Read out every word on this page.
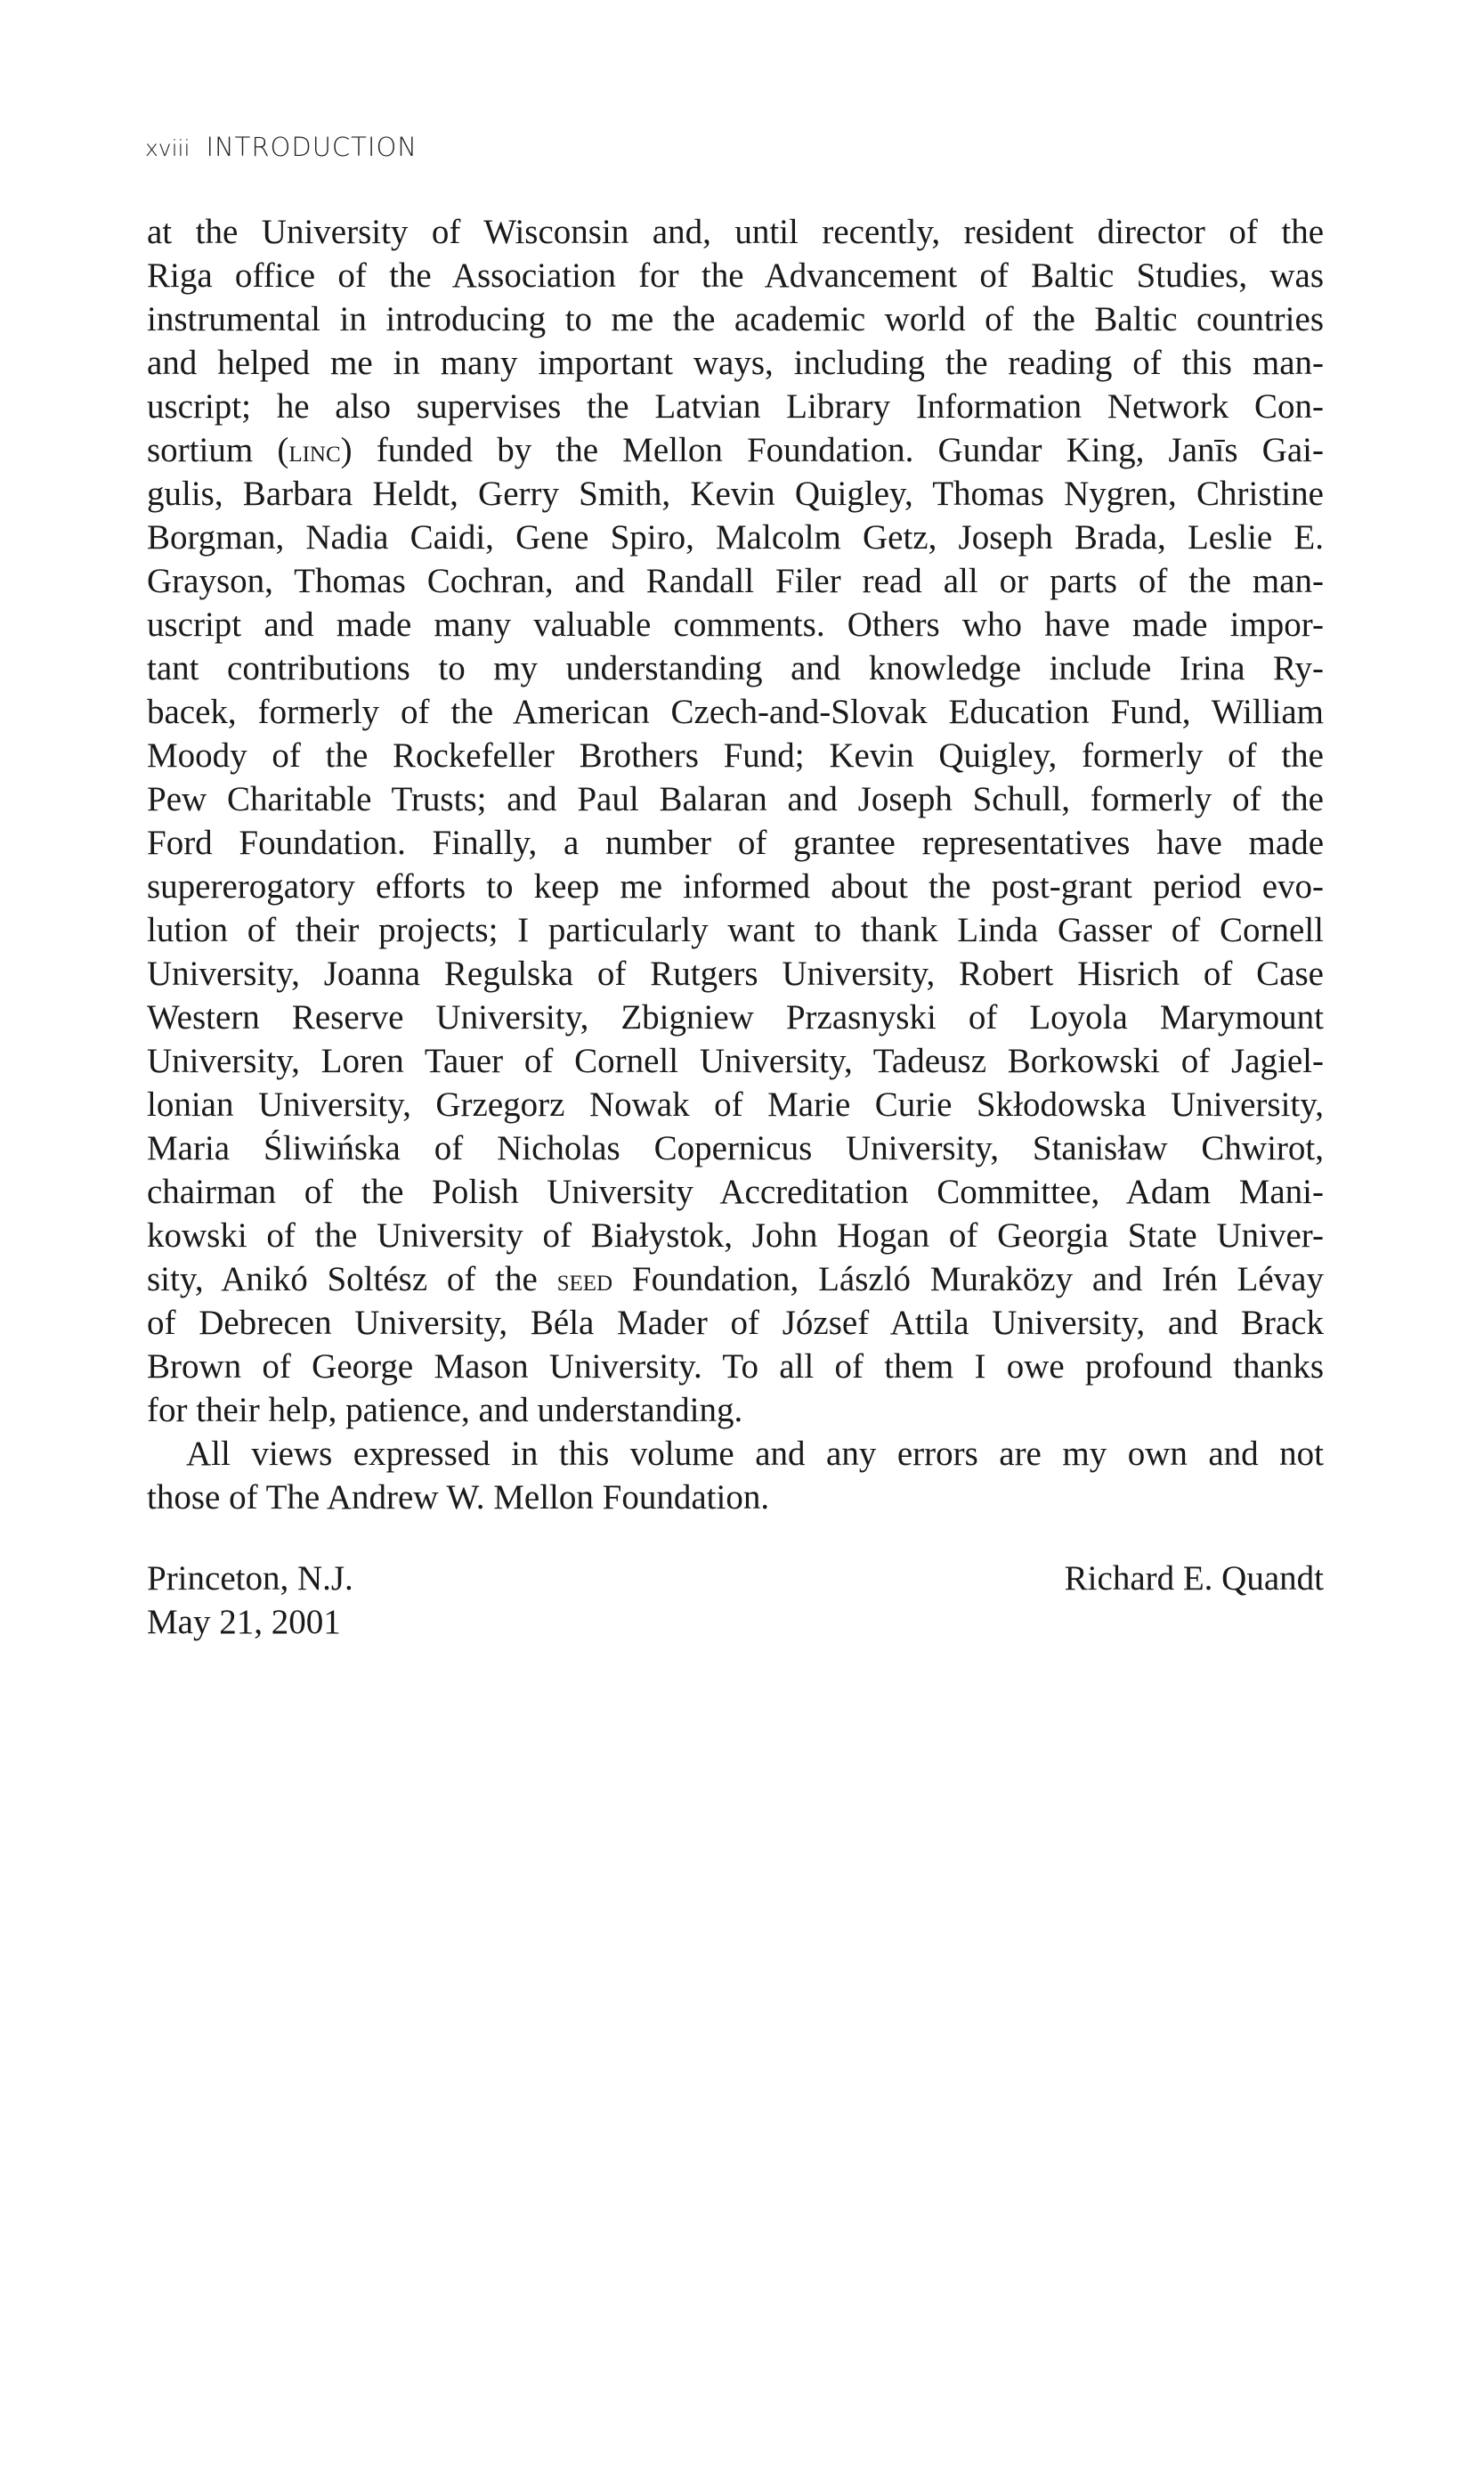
xviii INTRODUCTION
at the University of Wisconsin and, until recently, resident director of the
Riga office of the Association for the Advancement of Baltic Studies, was
instrumental in introducing to me the academic world of the Baltic countries
and helped me in many important ways, including the reading of this man-
uscript; he also supervises the Latvian Library Information Network Con-
sortium (linc) funded by the Mellon Foundation. Gundar King, Janīs Gai-
gulis, Barbara Heldt, Gerry Smith, Kevin Quigley, Thomas Nygren, Christine
Borgman, Nadia Caidi, Gene Spiro, Malcolm Getz, Joseph Brada, Leslie E.
Grayson, Thomas Cochran, and Randall Filer read all or parts of the man-
uscript and made many valuable comments. Others who have made impor-
tant contributions to my understanding and knowledge include Irina Ry-
bacek, formerly of the American Czech-and-Slovak Education Fund, William
Moody of the Rockefeller Brothers Fund; Kevin Quigley, formerly of the
Pew Charitable Trusts; and Paul Balaran and Joseph Schull, formerly of the
Ford Foundation. Finally, a number of grantee representatives have made
supererogatory efforts to keep me informed about the post-grant period evo-
lution of their projects; I particularly want to thank Linda Gasser of Cornell
University, Joanna Regulska of Rutgers University, Robert Hisrich of Case
Western Reserve University, Zbigniew Przasnyski of Loyola Marymount
University, Loren Tauer of Cornell University, Tadeusz Borkowski of Jagiel-
lonian University, Grzegorz Nowak of Marie Curie Skłodowska University,
Maria Śliwińska of Nicholas Copernicus University, Stanisław Chwirot,
chairman of the Polish University Accreditation Committee, Adam Mani-
kowski of the University of Białystok, John Hogan of Georgia State Univer-
sity, Anikó Soltész of the seed Foundation, László Muraközy and Irén Lévay
of Debrecen University, Béla Mader of József Attila University, and Brack
Brown of George Mason University. To all of them I owe profound thanks
for their help, patience, and understanding.
All views expressed in this volume and any errors are my own and not
those of The Andrew W. Mellon Foundation.
Princeton, N.J.
May 21, 2001
Richard E. Quandt
